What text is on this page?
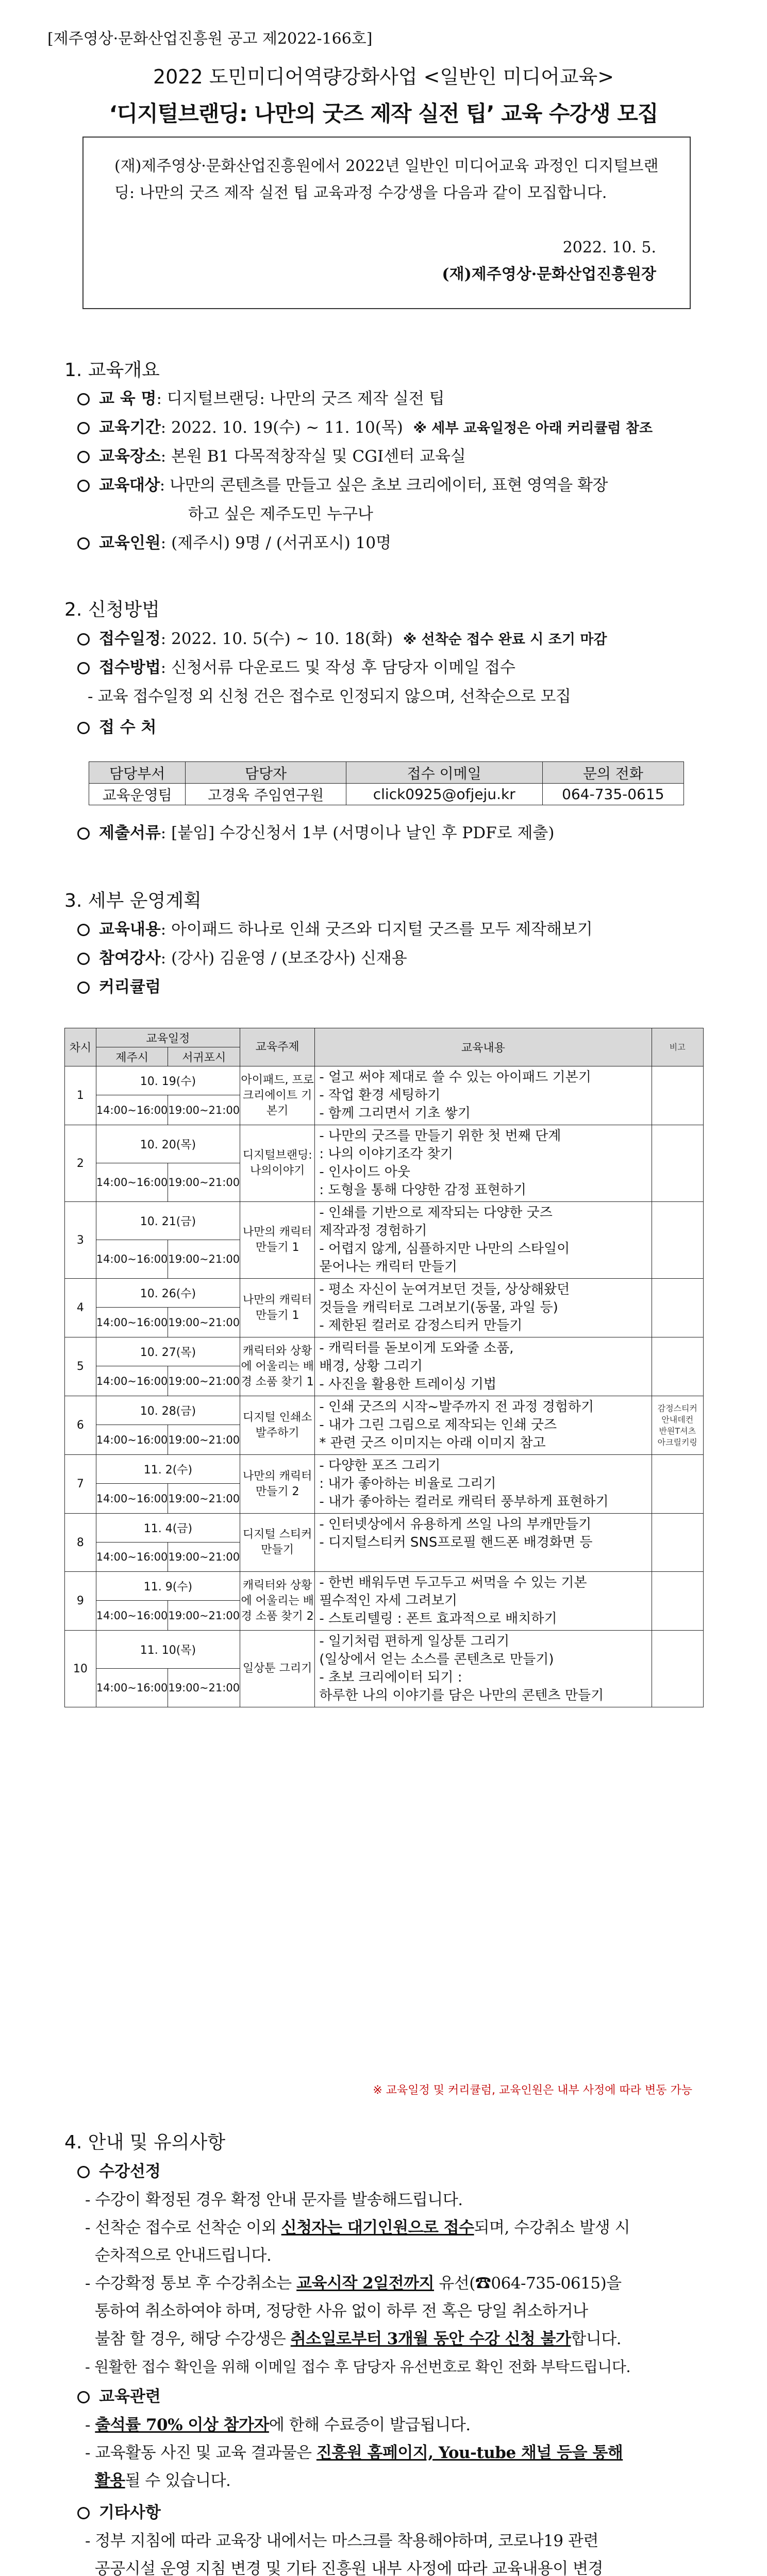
[제주영상·문화산업진흥원 공고 제2022-166호]
2022 도민미디어역량강화사업 <일반인 미디어교육>
‘디지털브랜딩: 나만의 굿즈 제작 실전 팁’ 교육 수강생 모집
(재)제주영상·문화산업진흥원에서 2022년 일반인 미디어교육 과정인 디지털브랜딩: 나만의 굿즈 제작 실전 팁 교육과정 수강생을 다음과 같이 모집합니다.
2022. 10. 5.
(재)제주영상·문화산업진흥원장
1. 교육개요
교 육 명: 디지털브랜딩: 나만의 굿즈 제작 실전 팁
교육기간: 2022. 10. 19(수) ~ 11. 10(목) ※ 세부 교육일정은 아래 커리큘럼 참조
교육장소: 본원 B1 다목적창작실 및 CGI센터 교육실
교육대상: 나만의 콘텐츠를 만들고 싶은 초보 크리에이터, 표현 영역을 확장
하고 싶은 제주도민 누구나
교육인원: (제주시) 9명 / (서귀포시) 10명
2. 신청방법
접수일정: 2022. 10. 5(수) ~ 10. 18(화) ※ 선착순 접수 완료 시 조기 마감
접수방법: 신청서류 다운로드 및 작성 후 담당자 이메일 접수
- 교육 접수일정 외 신청 건은 접수로 인정되지 않으며, 선착순으로 모집
접 수 처
담당부서	담당자	접수 이메일	문의 전화
교육운영팀	고경욱 주임연구원	click0925@ofjeju.kr	064-735-0615
제출서류: [붙임] 수강신청서 1부 (서명이나 날인 후 PDF로 제출)
3. 세부 운영계획
교육내용: 아이패드 하나로 인쇄 굿즈와 디지털 굿즈를 모두 제작해보기
참여강사: (강사) 김윤영 / (보조강사) 신재용
커리큘럼
차시	교육일정		교육주제	교육내용	비고
	제주시	서귀포시			
1	10. 19(수)		아이패드, 프로크리에이트 기본기	- 얼고 써야 제대로 쓸 수 있는 아이패드 기본기
- 작업 환경 세팅하기
- 함께 그리면서 기초 쌓기	
	14:00~16:00	19:00~21:00			
2	10. 20(목)		디지털브랜딩: 나의이야기	- 나만의 굿즈를 만들기 위한 첫 번째 단계
: 나의 이야기조각 찾기
- 인사이드 아웃
: 도형을 통해 다양한 감정 표현하기	
	14:00~16:00	19:00~21:00			
3	10. 21(금)		나만의 캐릭터 만들기 1	- 인쇄를 기반으로 제작되는 다양한 굿즈
제작과정 경험하기
- 어렵지 않게, 심플하지만 나만의 스타일이
묻어나는 캐릭터 만들기	
	14:00~16:00	19:00~21:00			
4	10. 26(수)		나만의 캐릭터 만들기 1	- 평소 자신이 눈여겨보던 것들, 상상해왔던
것들을 캐릭터로 그려보기(동물, 과일 등)
- 제한된 컬러로 감정스티커 만들기	
	14:00~16:00	19:00~21:00			
5	10. 27(목)		캐릭터와 상황에 어울리는 배경 소품 찾기 1	- 캐릭터를 돋보이게 도와줄 소품,
배경, 상황 그리기
- 사진을 활용한 트레이싱 기법	
	14:00~16:00	19:00~21:00			
6	10. 28(금)		디지털 인쇄소 발주하기	- 인쇄 굿즈의 시작~발주까지 전 과정 경험하기
- 내가 그린 그림으로 제작되는 인쇄 굿즈
* 관련 굿즈 이미지는 아래 이미지 참고	감정스티커
안내데컨
반원T셔츠
아크릴키링
	14:00~16:00	19:00~21:00			
7	11. 2(수)		나만의 캐릭터 만들기 2	- 다양한 포즈 그리기
: 내가 좋아하는 비율로 그리기
- 내가 좋아하는 컬러로 캐릭터 풍부하게 표현하기	
	14:00~16:00	19:00~21:00			
8	11. 4(금)		디지털 스티커 만들기	- 인터넷상에서 유용하게 쓰일 나의 부캐만들기
- 디지털스티커 SNS프로필 핸드폰 배경화면 등	
	14:00~16:00	19:00~21:00			
9	11. 9(수)		캐릭터와 상황에 어울리는 배경 소품 찾기 2	- 한번 배워두면 두고두고 써먹을 수 있는 기본
필수적인 자세 그려보기
- 스토리텔링 : 폰트 효과적으로 배치하기	
	14:00~16:00	19:00~21:00			
10	11. 10(목)		일상툰 그리기	- 일기처럼 편하게 일상툰 그리기
(일상에서 얻는 소스를 콘텐츠로 만들기)
- 초보 크리에이터 되기 :
하루한 나의 이야기를 담은 나만의 콘텐츠 만들기	
	14:00~16:00	19:00~21:00			
※ 교육일정 및 커리큘럼, 교육인원은 내부 사정에 따라 변동 가능
4. 안내 및 유의사항
수강선정
- 수강이 확정된 경우 확정 안내 문자를 발송해드립니다.
- 선착순 접수로 선착순 이외 신청자는 대기인원으로 접수되며, 수강취소 발생 시
순차적으로 안내드립니다.
- 수강확정 통보 후 수강취소는 교육시작 2일전까지 유선(☎064-735-0615)을
통하여 취소하여야 하며, 정당한 사유 없이 하루 전 혹은 당일 취소하거나
불참 할 경우, 해당 수강생은 취소일로부터 3개월 동안 수강 신청 불가합니다.
- 원활한 접수 확인을 위해 이메일 접수 후 담당자 유선번호로 확인 전화 부탁드립니다.
교육관련
- 출석률 70% 이상 참가자에 한해 수료증이 발급됩니다.
- 교육활동 사진 및 교육 결과물은 진흥원 홈페이지, You-tube 채널 등을 통해
활용될 수 있습니다.
기타사항
- 정부 지침에 따라 교육장 내에서는 마스크를 착용해야하며, 코로나19 관련
공공시설 운영 지침 변경 및 기타 진흥원 내부 사정에 따라 교육내용이 변경
